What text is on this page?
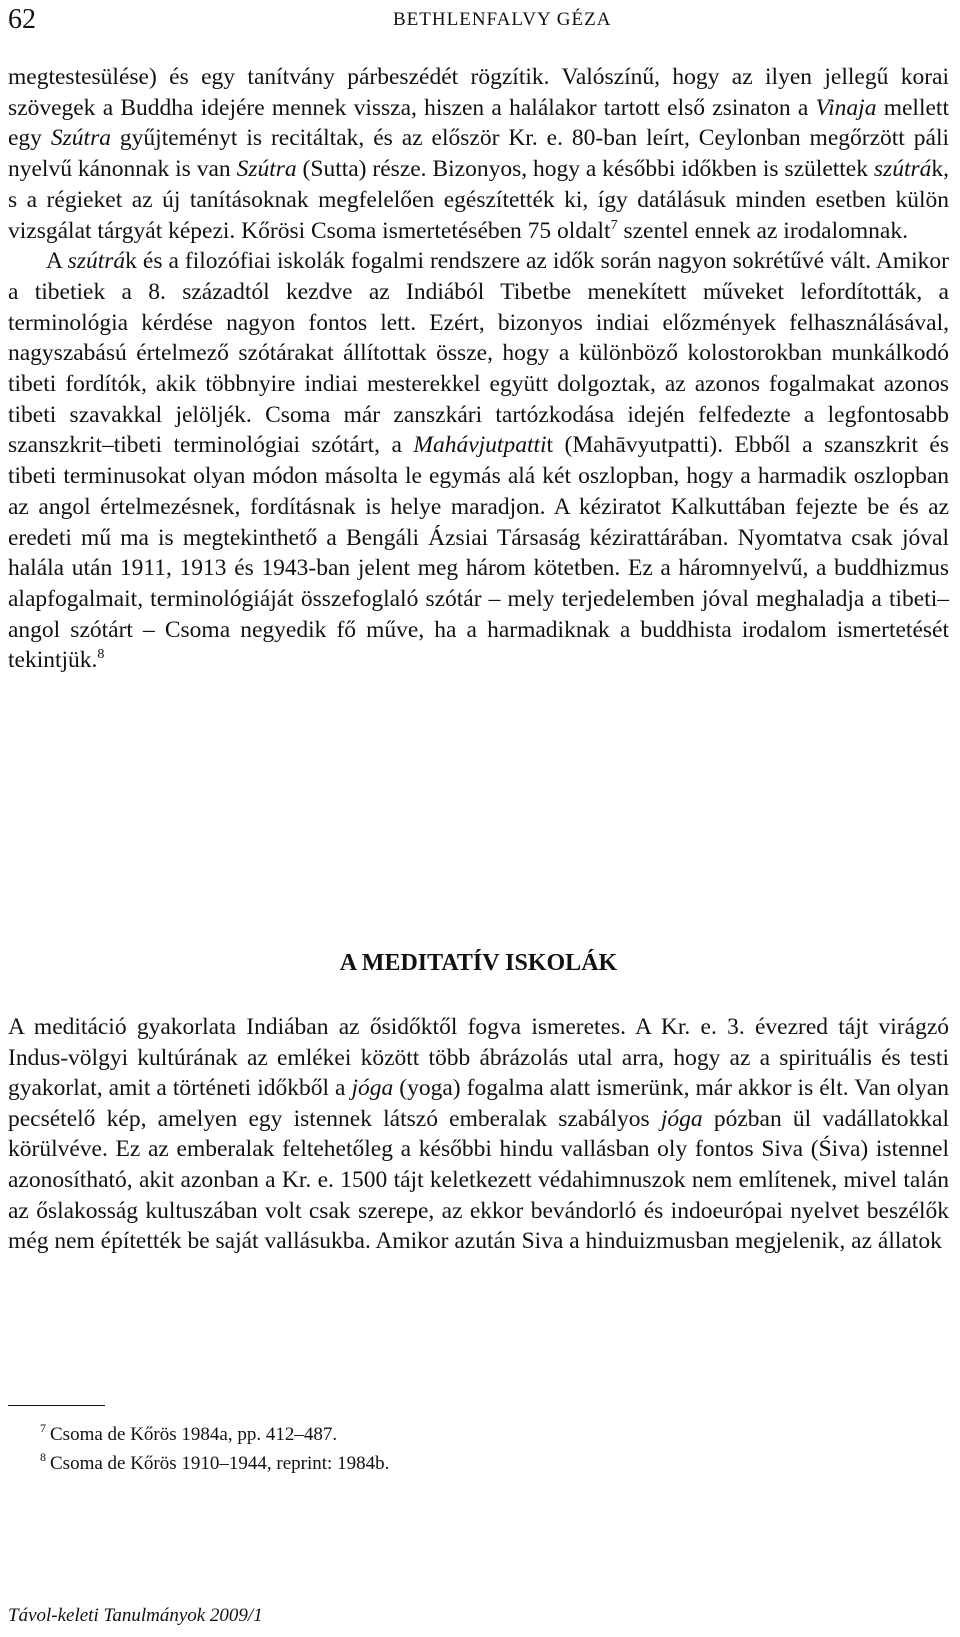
62	BETHLENFALVY GÉZA

megtestesülése) és egy tanítvány párbeszédét rögzítik. Valószínű, hogy az ilyen jellegű korai szövegek a Buddha idejére mennek vissza, hiszen a halálakor tartott első zsinaton a Vinaja mellett egy Szútra gyűjteményt is recitáltak, és az először Kr. e. 80-ban leírt, Ceylonban megőrzött páli nyelvű kánonnak is van Szútra (Sutta) része. Bizonyos, hogy a későbbi időkben is születtek szútrák, s a régieket az új tanításoknak megfelelően egészítették ki, így datálásuk minden esetben külön vizsgálat tárgyát képezi. Kőrösi Csoma ismertetésében 75 oldalt$^7$ szentel ennek az irodalomnak.

A szútrák és a filozófiai iskolák fogalmi rendszere az idők során nagyon sokrétűvé vált. Amikor a tibetiek a 8. századtól kezdve az Indiából Tibetbe menekített műveket lefordították, a terminológia kérdése nagyon fontos lett. Ezért, bizonyos indiai előzmények felhasználásával, nagyszabású értelmező szótárakat állítottak össze, hogy a különböző kolostorokban munkálkodó tibeti fordítók, akik többnyire indiai mesterekkel együtt dolgoztak, az azonos fogalmakat azonos tibeti szavakkal jelöljék. Csoma már zanszkári tartózkodása idején felfedezte a legfontosabb szanszkrit–tibeti terminológiai szótárt, a Mahávjutpattit (Mahāvyutpatti). Ebből a szanszkrit és tibeti terminusokat olyan módon másolta le egymás alá két oszlopban, hogy a harmadik oszlopban az angol értelmezésnek, fordításnak is helye maradjon. A kéziratot Kalkuttában fejezte be és az eredeti mű ma is megtekinthető a Bengáli Ázsiai Társaság kézirattárában. Nyomtatva csak jóval halála után 1911, 1913 és 1943-ban jelent meg három kötetben. Ez a háromnyelvű, a buddhizmus alapfogalmait, terminológiáját összefoglaló szótár – mely terjedelemben jóval meghaladja a tibeti–angol szótárt – Csoma negyedik fő műve, ha a harmadiknak a buddhista irodalom ismertetését tekintjük.$^8$

A MEDITATÍV ISKOLÁK

A meditáció gyakorlata Indiában az ősidőktől fogva ismeretes. A Kr. e. 3. évezred tájt virágzó Indus-völgyi kultúrának az emlékei között több ábrázolás utal arra, hogy az a spirituális és testi gyakorlat, amit a történeti időkből a jóga (yoga) fogalma alatt ismerünk, már akkor is élt. Van olyan pecsételő kép, amelyen egy istennek látszó emberalak szabályos jóga pózban ül vadállatokkal körülvéve. Ez az emberalak feltehetőleg a későbbi hindu vallásban oly fontos Siva (Śiva) istennel azonosítható, akit azonban a Kr. e. 1500 tájt keletkezett védahimnuszok nem említenek, mivel talán az őslakosság kultuszában volt csak szerepe, az ekkor bevándorló és indoeurópai nyelvet beszélők még nem építették be saját vallásukba. Amikor azután Siva a hinduizmusban megjelenik, az állatok

$^7$ Csoma de Kőrös 1984a, pp. 412–487.
$^8$ Csoma de Kőrös 1910–1944, reprint: 1984b.
Távol-keleti Tanulmányok 2009/1
